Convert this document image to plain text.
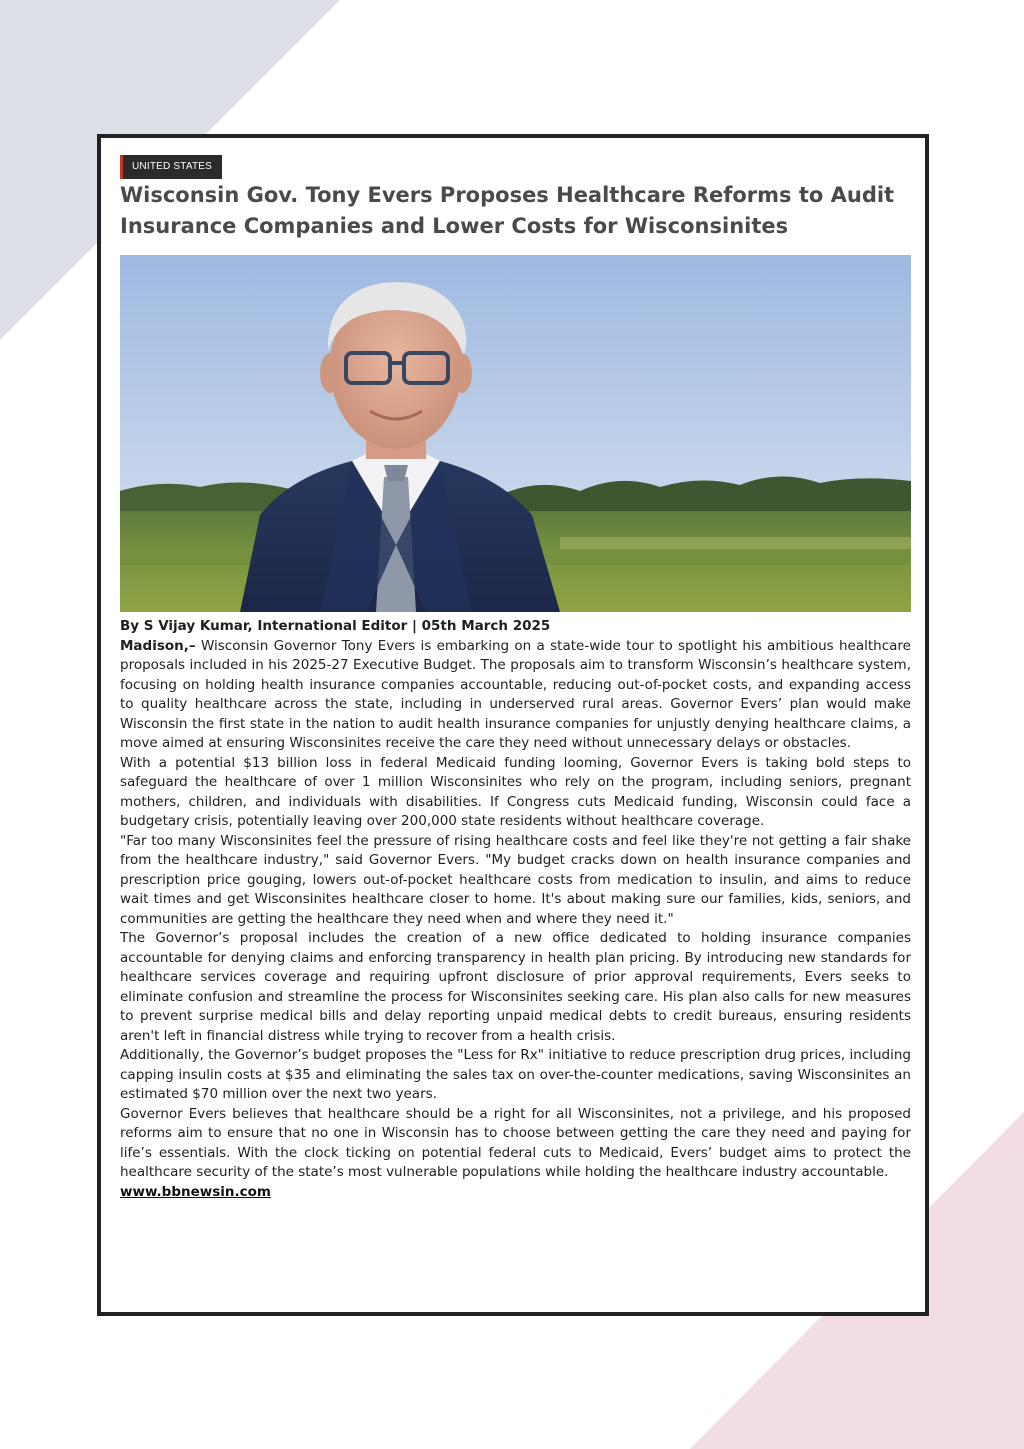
UNITED STATES
Wisconsin Gov. Tony Evers Proposes Healthcare Reforms to Audit Insurance Companies and Lower Costs for Wisconsinites

By S Vijay Kumar, International Editor | 05th March 2025

Madison,– Wisconsin Governor Tony Evers is embarking on a state-wide tour to spotlight his ambitious healthcare proposals included in his 2025-27 Executive Budget. The proposals aim to transform Wisconsin’s healthcare system, focusing on holding health insurance companies accountable, reducing out-of-pocket costs, and expanding access to quality healthcare across the state, including in underserved rural areas. Governor Evers’ plan would make Wisconsin the first state in the nation to audit health insurance companies for unjustly denying healthcare claims, a move aimed at ensuring Wisconsinites receive the care they need without unnecessary delays or obstacles.

With a potential $13 billion loss in federal Medicaid funding looming, Governor Evers is taking bold steps to safeguard the healthcare of over 1 million Wisconsinites who rely on the program, including seniors, pregnant mothers, children, and individuals with disabilities. If Congress cuts Medicaid funding, Wisconsin could face a budgetary crisis, potentially leaving over 200,000 state residents without healthcare coverage.

"Far too many Wisconsinites feel the pressure of rising healthcare costs and feel like they're not getting a fair shake from the healthcare industry," said Governor Evers. "My budget cracks down on health insurance companies and prescription price gouging, lowers out-of-pocket healthcare costs from medication to insulin, and aims to reduce wait times and get Wisconsinites healthcare closer to home. It's about making sure our families, kids, seniors, and communities are getting the healthcare they need when and where they need it."

The Governor’s proposal includes the creation of a new office dedicated to holding insurance companies accountable for denying claims and enforcing transparency in health plan pricing. By introducing new standards for healthcare services coverage and requiring upfront disclosure of prior approval requirements, Evers seeks to eliminate confusion and streamline the process for Wisconsinites seeking care. His plan also calls for new measures to prevent surprise medical bills and delay reporting unpaid medical debts to credit bureaus, ensuring residents aren't left in financial distress while trying to recover from a health crisis.

Additionally, the Governor’s budget proposes the "Less for Rx" initiative to reduce prescription drug prices, including capping insulin costs at $35 and eliminating the sales tax on over-the-counter medications, saving Wisconsinites an estimated $70 million over the next two years.

Governor Evers believes that healthcare should be a right for all Wisconsinites, not a privilege, and his proposed reforms aim to ensure that no one in Wisconsin has to choose between getting the care they need and paying for life’s essentials. With the clock ticking on potential federal cuts to Medicaid, Evers’ budget aims to protect the healthcare security of the state’s most vulnerable populations while holding the healthcare industry accountable.

www.bbnewsin.com
